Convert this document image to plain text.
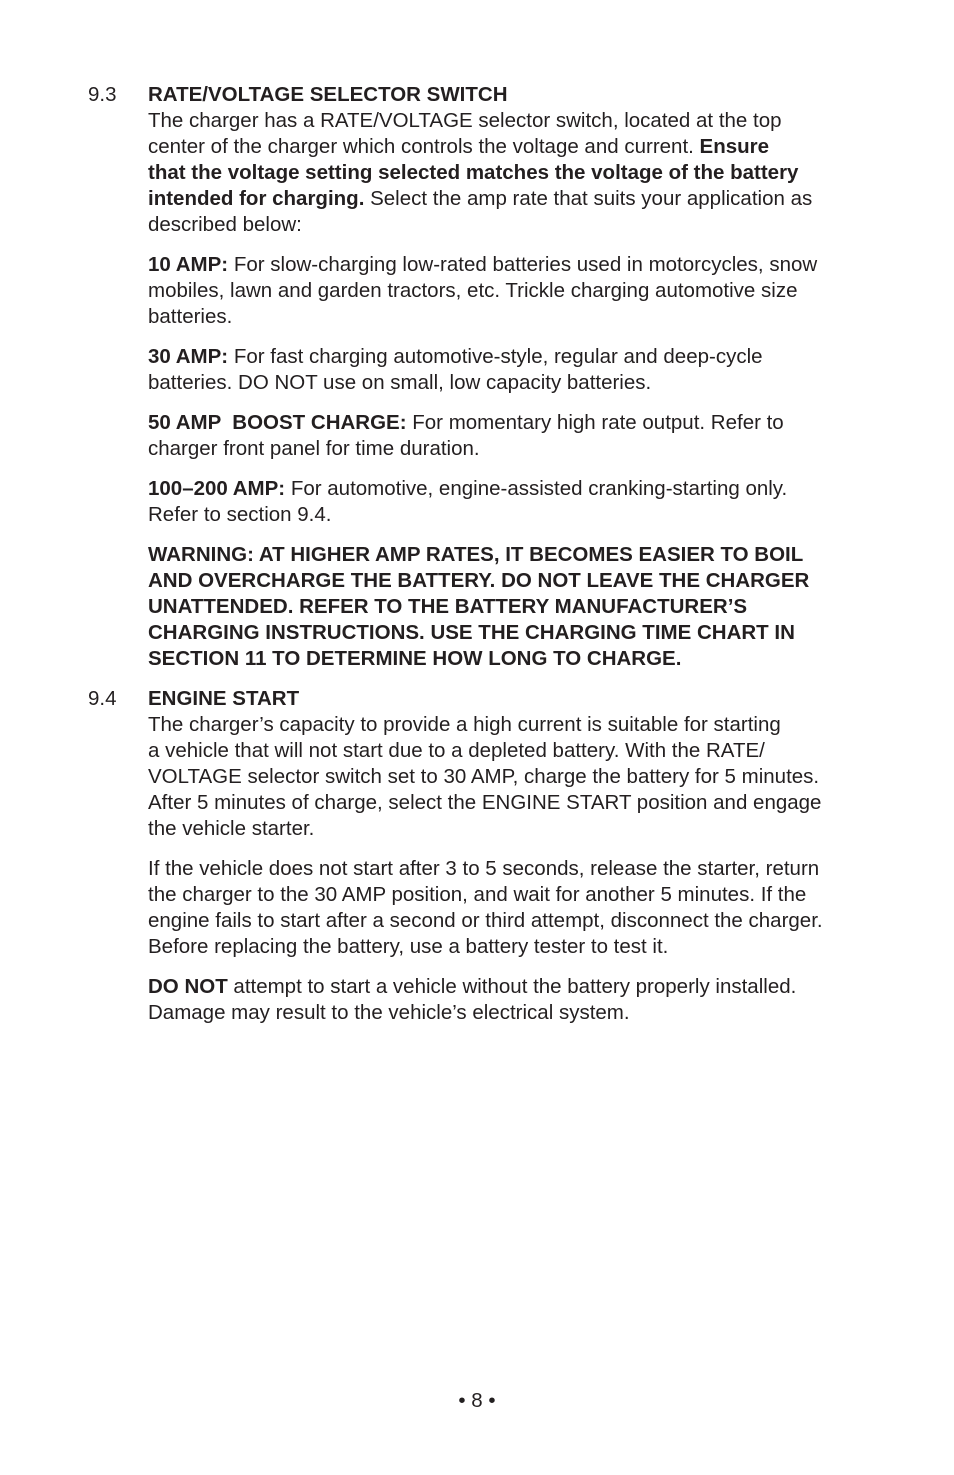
9.3 RATE/VOLTAGE SELECTOR SWITCH

The charger has a RATE/VOLTAGE selector switch, located at the top
center of the charger which controls the voltage and current. Ensure
that the voltage setting selected matches the voltage of the battery
intended for charging. Select the amp rate that suits your application as
described below:

10 AMP: For slow-charging low-rated batteries used in motorcycles, snow
mobiles, lawn and garden tractors, etc. Trickle charging automotive size
batteries.

30 AMP: For fast charging automotive-style, regular and deep-cycle
batteries. DO NOT use on small, low capacity batteries.

50 AMP  BOOST CHARGE: For momentary high rate output. Refer to
charger front panel for time duration.

100–200 AMP: For automotive, engine-assisted cranking-starting only.
Refer to section 9.4.

WARNING: AT HIGHER AMP RATES, IT BECOMES EASIER TO BOIL
AND OVERCHARGE THE BATTERY. DO NOT LEAVE THE CHARGER
UNATTENDED. REFER TO THE BATTERY MANUFACTURER’S
CHARGING INSTRUCTIONS. USE THE CHARGING TIME CHART IN
SECTION 11 TO DETERMINE HOW LONG TO CHARGE.

9.4 ENGINE START

The charger’s capacity to provide a high current is suitable for starting
a vehicle that will not start due to a depleted battery. With the RATE/
VOLTAGE selector switch set to 30 AMP, charge the battery for 5 minutes.
After 5 minutes of charge, select the ENGINE START position and engage
the vehicle starter.

If the vehicle does not start after 3 to 5 seconds, release the starter, return
the charger to the 30 AMP position, and wait for another 5 minutes. If the
engine fails to start after a second or third attempt, disconnect the charger.
Before replacing the battery, use a battery tester to test it.

DO NOT attempt to start a vehicle without the battery properly installed.
Damage may result to the vehicle’s electrical system.

• 8 •
